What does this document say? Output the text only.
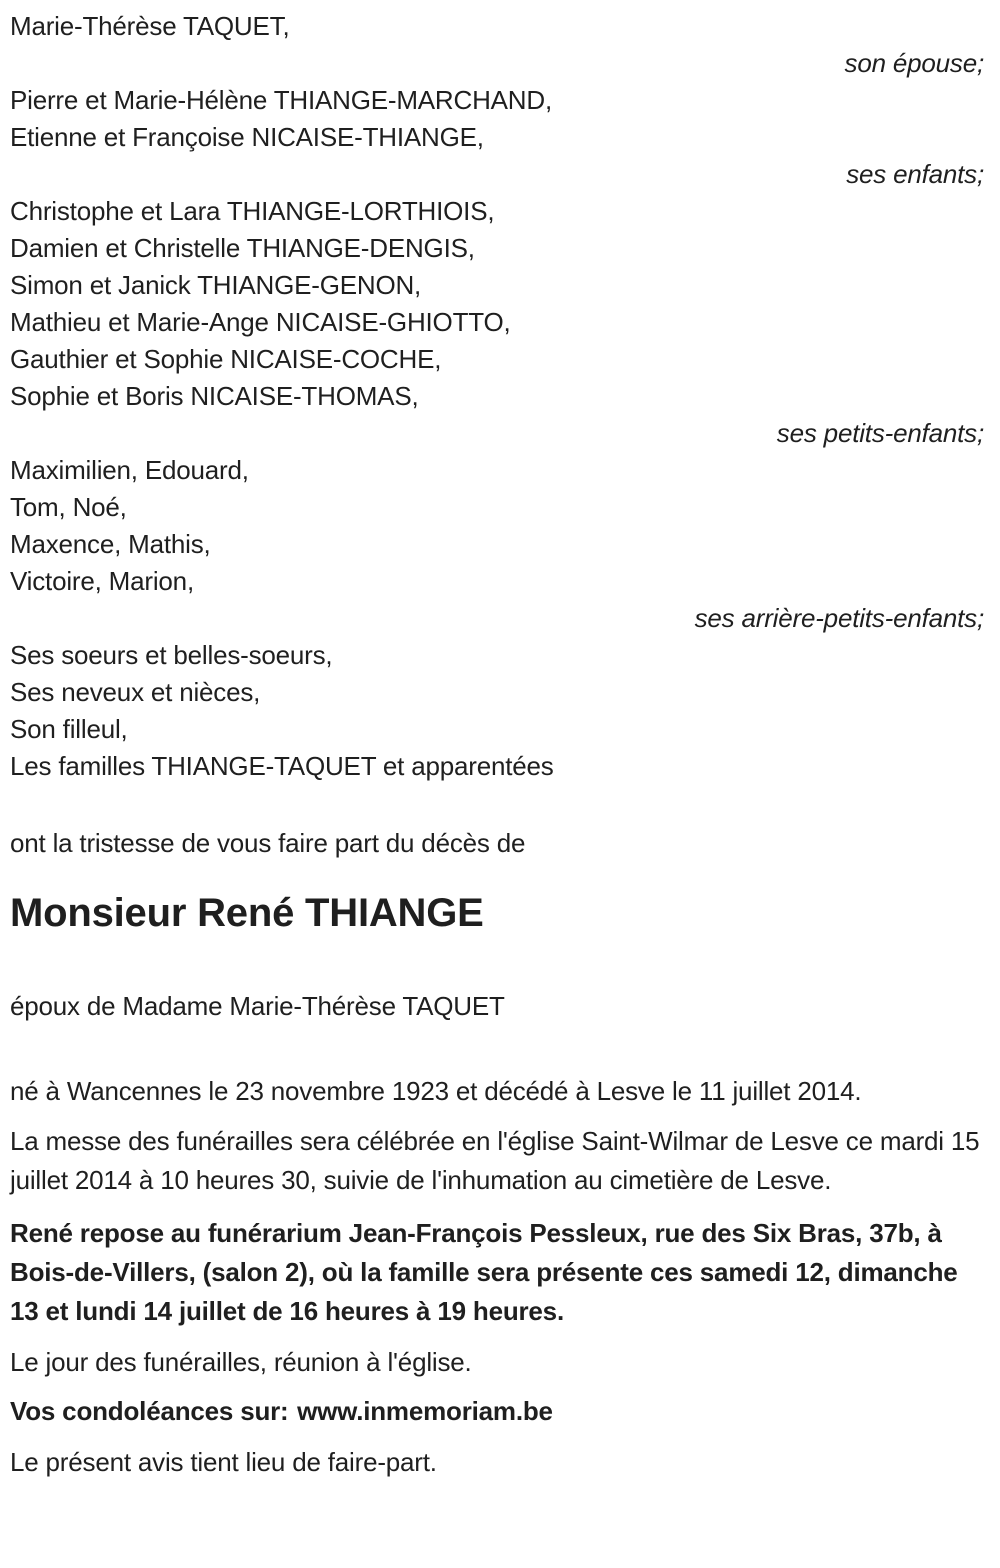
Marie-Thérèse TAQUET,
son épouse;
Pierre et Marie-Hélène THIANGE-MARCHAND,
Etienne et Françoise NICAISE-THIANGE,
ses enfants;
Christophe et Lara THIANGE-LORTHIOIS,
Damien et Christelle THIANGE-DENGIS,
Simon et Janick THIANGE-GENON,
Mathieu et Marie-Ange NICAISE-GHIOTTO,
Gauthier et Sophie NICAISE-COCHE,
Sophie et Boris NICAISE-THOMAS,
ses petits-enfants;
Maximilien, Edouard,
Tom, Noé,
Maxence, Mathis,
Victoire, Marion,
ses arrière-petits-enfants;
Ses soeurs et belles-soeurs,
Ses neveux et nièces,
Son filleul,
Les familles THIANGE-TAQUET et apparentées
ont la tristesse de vous faire part du décès de
Monsieur René THIANGE
époux de Madame Marie-Thérèse TAQUET
né à Wancennes le 23 novembre 1923 et décédé à Lesve le 11 juillet 2014.
La messe des funérailles sera célébrée en l'église Saint-Wilmar de Lesve ce mardi 15 juillet 2014 à 10 heures 30, suivie de l'inhumation au cimetière de Lesve.
René repose au funérarium Jean-François Pessleux, rue des Six Bras, 37b, à Bois-de-Villers, (salon 2), où la famille sera présente ces samedi 12, dimanche 13 et lundi 14 juillet de 16 heures à 19 heures.
Le jour des funérailles, réunion à l'église.
Vos condoléances sur: www.inmemoriam.be
Le présent avis tient lieu de faire-part.
